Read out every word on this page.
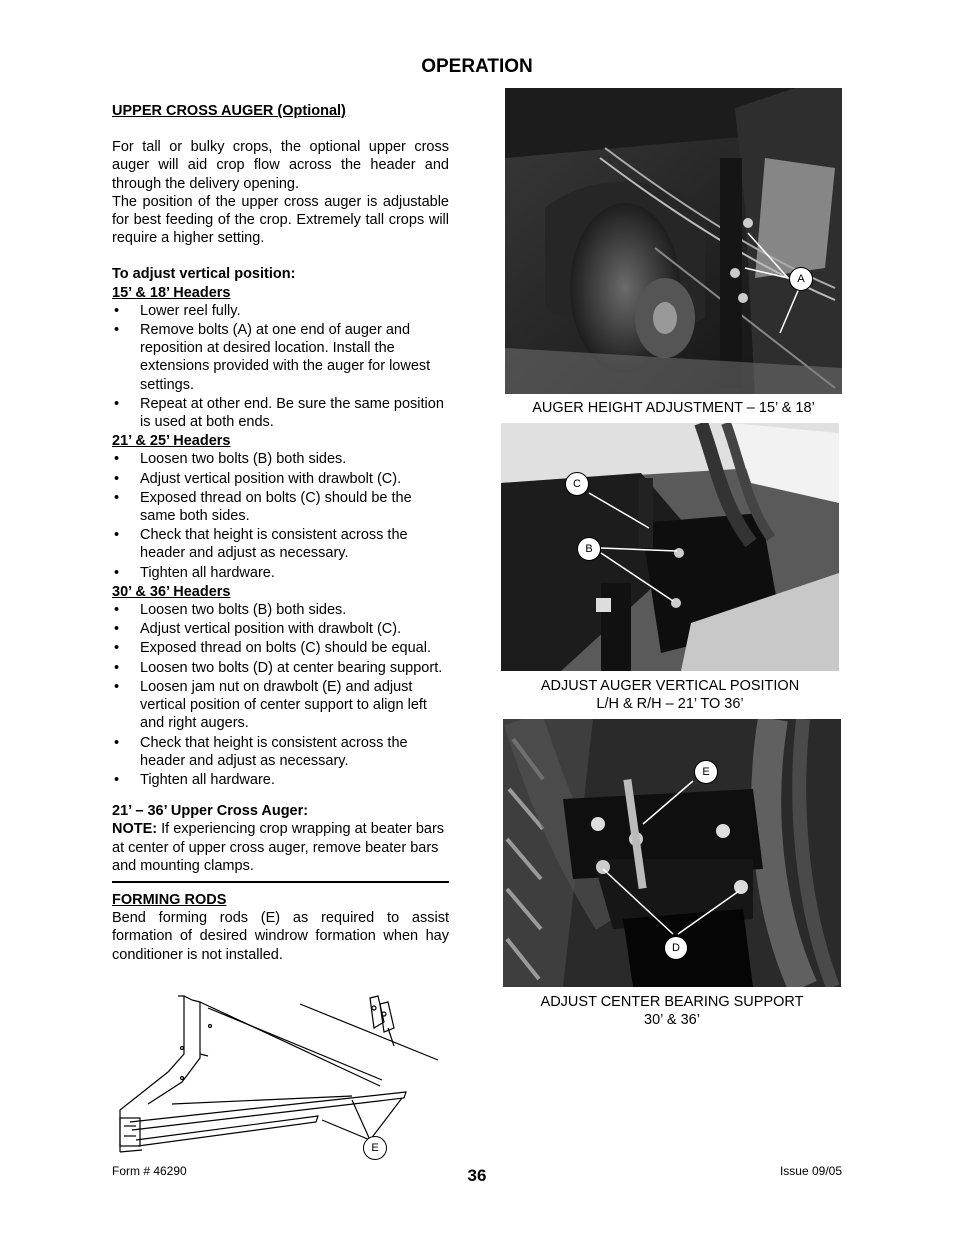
OPERATION

UPPER CROSS AUGER (Optional)

For tall or bulky crops, the optional upper cross auger will aid crop flow across the header and through the delivery opening.

The position of the upper cross auger is adjustable for best feeding of the crop. Extremely tall crops will require a higher setting.

To adjust vertical position:

15’ & 18’ Headers

• Lower reel fully.
• Remove bolts (A) at one end of auger and reposition at desired location. Install the extensions provided with the auger for lowest settings.
• Repeat at other end. Be sure the same position is used at both ends.

21’ & 25’ Headers

• Loosen two bolts (B) both sides.
• Adjust vertical position with drawbolt (C).
• Exposed thread on bolts (C) should be the same both sides.
• Check that height is consistent across the header and adjust as necessary.
• Tighten all hardware.

30’ & 36’ Headers

• Loosen two bolts (B) both sides.
• Adjust vertical position with drawbolt (C).
• Exposed thread on bolts (C) should be equal.
• Loosen two bolts (D) at center bearing support.
• Loosen jam nut on drawbolt (E) and adjust vertical position of center support to align left and right augers.
• Check that height is consistent across the header and adjust as necessary.
• Tighten all hardware.

21’ – 36’ Upper Cross Auger:

NOTE: If experiencing crop wrapping at beater bars at center of upper cross auger, remove beater bars and mounting clamps.

FORMING RODS

Bend forming rods (E) as required to assist formation of desired windrow formation when hay conditioner is not installed.

E
A
AUGER HEIGHT ADJUSTMENT – 15’ & 18’
C
B
ADJUST AUGER VERTICAL POSITION
L/H & R/H – 21’ TO 36’
E
D
ADJUST CENTER BEARING SUPPORT
30’ & 36’
Form # 46290	36	Issue 09/05
